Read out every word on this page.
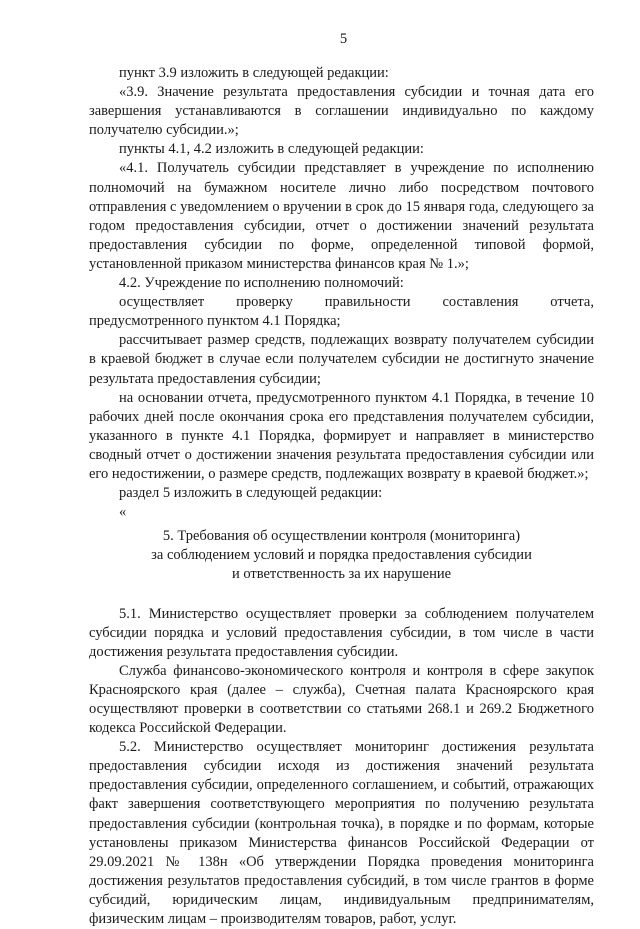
5

пункт 3.9 изложить в следующей редакции:

«3.9. Значение результата предоставления субсидии и точная дата его завершения устанавливаются в соглашении индивидуально по каждому получателю субсидии.»;

пункты 4.1, 4.2 изложить в следующей редакции:

«4.1. Получатель субсидии представляет в учреждение по исполнению полномочий на бумажном носителе лично либо посредством почтового отправления с уведомлением о вручении в срок до 15 января года, следующего за годом предоставления субсидии, отчет о достижении значений результата предоставления субсидии по форме, определенной типовой формой, установленной приказом министерства финансов края № 1.»;

4.2. Учреждение по исполнению полномочий:

осуществляет проверку правильности составления отчета, предусмотренного пунктом 4.1 Порядка;

рассчитывает размер средств, подлежащих возврату получателем субсидии в краевой бюджет в случае если получателем субсидии не достигнуто значение результата предоставления субсидии;

на основании отчета, предусмотренного пунктом 4.1 Порядка, в течение 10 рабочих дней после окончания срока его представления получателем субсидии, указанного в пункте 4.1 Порядка, формирует и направляет в министерство сводный отчет о достижении значения результата предоставления субсидии или его недостижении, о размере средств, подлежащих возврату в краевой бюджет.»;

раздел 5 изложить в следующей редакции:

«

5. Требования об осуществлении контроля (мониторинга)
за соблюдением условий и порядка предоставления субсидии
и ответственность за их нарушение

5.1. Министерство осуществляет проверки за соблюдением получателем субсидии порядка и условий предоставления субсидии, в том числе в части достижения результата предоставления субсидии.

Служба финансово-экономического контроля и контроля в сфере закупок Красноярского края (далее – служба), Счетная палата Красноярского края осуществляют проверки в соответствии со статьями 268.1 и 269.2 Бюджетного кодекса Российской Федерации.

5.2. Министерство осуществляет мониторинг достижения результата предоставления субсидии исходя из достижения значений результата предоставления субсидии, определенного соглашением, и событий, отражающих факт завершения соответствующего мероприятия по получению результата предоставления субсидии (контрольная точка), в порядке и по формам, которые установлены приказом Министерства финансов Российской Федерации от 29.09.2021 № 138н «Об утверждении Порядка проведения мониторинга достижения результатов предоставления субсидий, в том числе грантов в форме субсидий, юридическим лицам, индивидуальным предпринимателям, физическим лицам – производителям товаров, работ, услуг.
